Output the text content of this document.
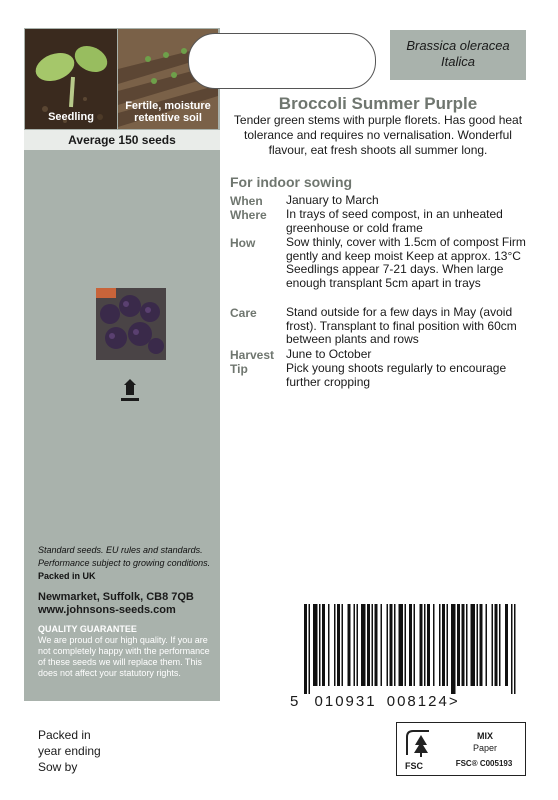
Seedling
Fertile, moisture retentive soil
Average 150 seeds
Standard seeds. EU rules and standards.
Performance subject to growing conditions.
Packed in UK
Newmarket, Suffolk, CB8 7QB
www.johnsons-seeds.com
QUALITY GUARANTEE
We are proud of our high quality. If you are not completely happy with the performance of these seeds we will replace them. This does not affect your statutory rights.
Brassica oleracea
Italica
Broccoli Summer Purple
Tender green stems with purple florets. Has good heat tolerance and requires no vernalisation. Wonderful flavour, eat fresh shoots all summer long.
For indoor sowing
When January to March
Where In trays of seed compost, in an unheated greenhouse or cold frame
How	Sow thinly, cover with 1.5cm of compost Firm gently and keep moist Keep at approx. 13°C Seedlings appear 7-21 days. When large enough transplant 5cm apart in trays
Care Stand outside for a few days in May (avoid frost). Transplant to final position with 60cm between plants and rows
Harvest June to October
Tip	Pick young shoots regularly to encourage further cropping
5 010931 008124>
Packed in
year ending
Sow by	FSC
MIX
Paper
FSC® C005193
